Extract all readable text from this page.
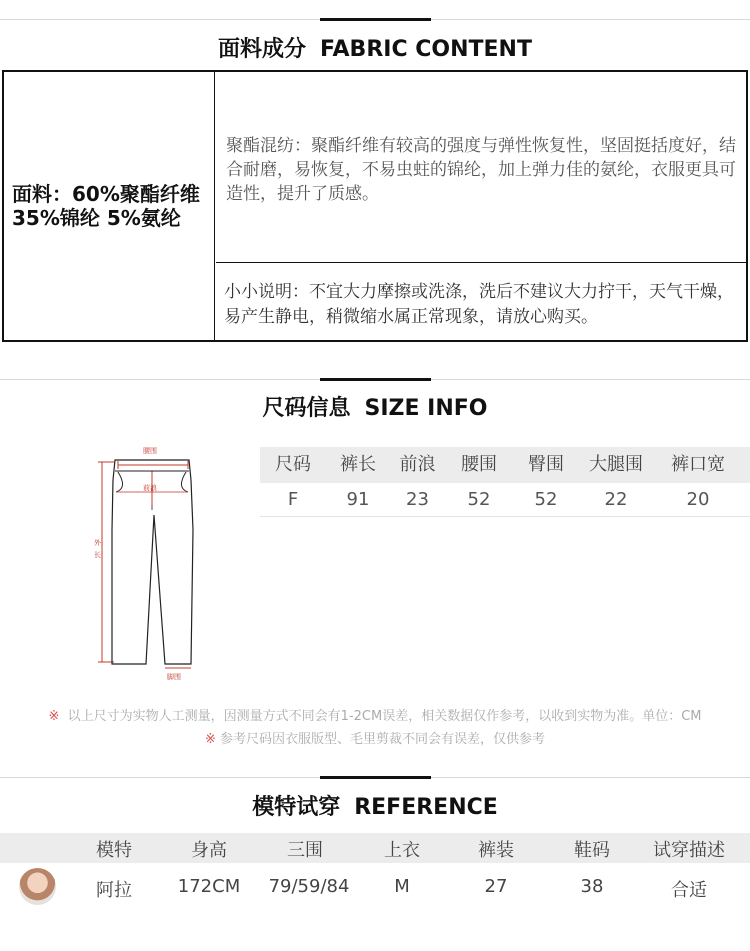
面料成分 FABRIC CONTENT
面料：60%聚酯纤维 35%锦纶 5%氨纶
聚酯混纺：聚酯纤维有较高的强度与弹性恢复性，坚固挺括度好，结合耐磨，易恢复，不易虫蛀的锦纶，加上弹力佳的氨纶，衣服更具可造性，提升了质感。
小小说明：不宜大力摩擦或洗涤，洗后不建议大力拧干，天气干燥，易产生静电，稍微缩水属正常现象，请放心购买。
尺码信息 SIZE INFO
腰围
外
长
前浪
脚围
尺码	裤长	前浪	腰围	臀围	大腿围	裤口宽
F	91	23	52	52	22	20
※ 以上尺寸为实物人工测量，因测量方式不同会有1-2CM误差，相关数据仅作参考，以收到实物为准。单位：CM
※ 参考尺码因衣服版型、毛里剪裁不同会有误差，仅供参考
模特试穿 REFERENCE
模特	身高	三围	上衣	裤装	鞋码	试穿描述
阿拉	172CM	79/59/84	M	27	38	合适
